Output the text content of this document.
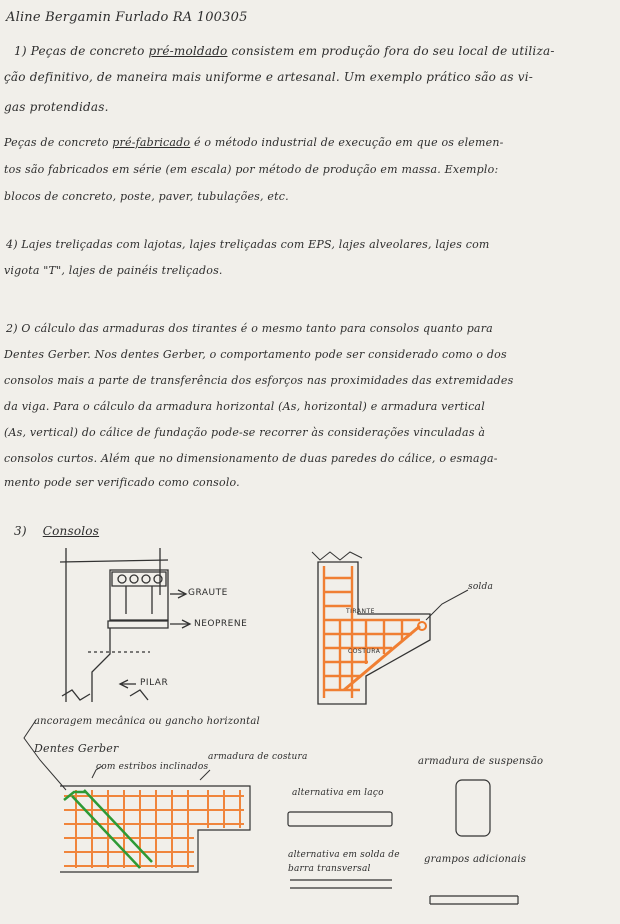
Aline Bergamin Furlado RA 100305
1) Peças de concreto pré-moldado consistem em produção fora do seu local de utiliza-
ção definitivo, de maneira mais uniforme e artesanal. Um exemplo prático são as vi-
gas protendidas.
Peças de concreto pré-fabricado é o método industrial de execução em que os elemen-
tos são fabricados em série (em escala) por método de produção em massa. Exemplo:
blocos de concreto, poste, paver, tubulações, etc.
4) Lajes treliçadas com lajotas, lajes treliçadas com EPS, lajes alveolares, lajes com
vigota "T", lajes de painéis treliçados.
2) O cálculo das armaduras dos tirantes é o mesmo tanto para consolos quanto para
Dentes Gerber. Nos dentes Gerber, o comportamento pode ser considerado como o dos
consolos mais a parte de transferência dos esforços nas proximidades das extremidades
da viga. Para o cálculo da armadura horizontal (As, horizontal) e armadura vertical
(As, vertical) do cálice de fundação pode-se recorrer às considerações vinculadas à
consolos curtos. Além que no dimensionamento de duas paredes do cálice, o esmaga-
mento pode ser verificado como consolo.
3) Consolos
GRAUTE
NEOPRENE
PILAR
solda
TIRANTE
COSTURA
ancoragem mecânica ou gancho horizontal
Dentes Gerber
com estribos inclinados
armadura de costura
alternativa em laço
armadura de suspensão
alternativa em solda de
barra transversal
grampos adicionais
